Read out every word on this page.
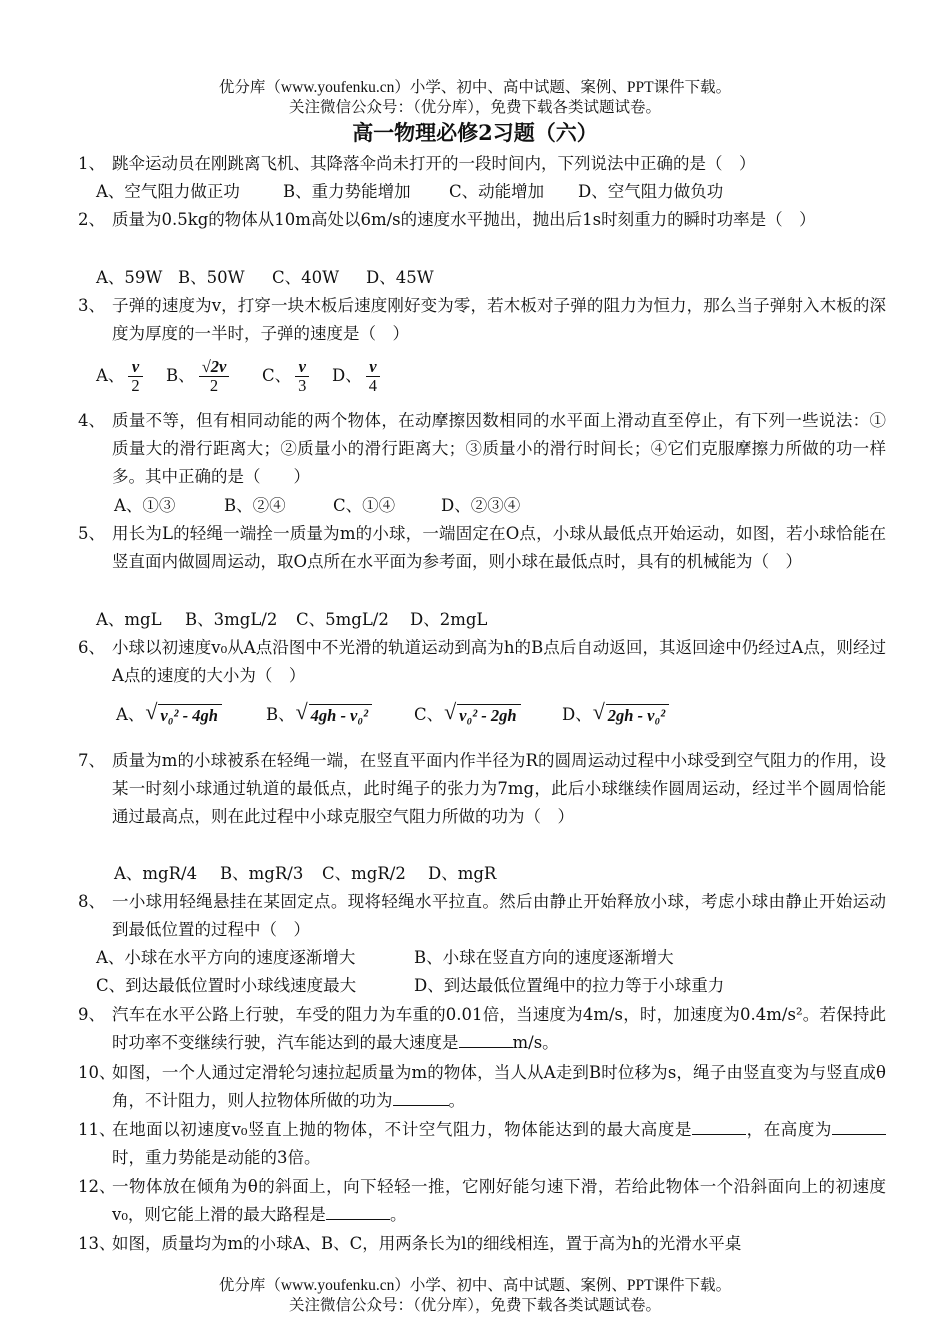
优分库（www.youfenku.cn）小学、初中、高中试题、案例、PPT课件下载。
关注微信公众号：（优分库），免费下载各类试题试卷。
高一物理必修2习题（六）
1、 跳伞运动员在刚跳离飞机、其降落伞尚未打开的一段时间内，下列说法中正确的是（　）
A、空气阻力做正功	B、重力势能增加 C、动能增加 D、空气阻力做负功
2、 质量为0.5kg的物体从10m高处以6m/s的速度水平抛出，抛出后1s时刻重力的瞬时功率是（　）
A、59W B、50W C、40W D、45W
3、 子弹的速度为v，打穿一块木板后速度刚好变为零，若木板对子弹的阻力为恒力，那么当子弹射入木板的深度为厚度的一半时，子弹的速度是（　）
A、 $\frac{v}{2}$ B、 $\frac{√2v}{2}$ C、 $\frac{v}{3}$ D、 $\frac{v}{4}$
4、 质量不等，但有相同动能的两个物体，在动摩擦因数相同的水平面上滑动直至停止，有下列一些说法：①质量大的滑行距离大；②质量小的滑行距离大；③质量小的滑行时间长；④它们克服摩擦力所做的功一样多。其中正确的是（　　）
A、①③	B、②④	C、①④	D、②③④
5、 用长为L的轻绳一端拴一质量为m的小球，一端固定在O点，小球从最低点开始运动，如图，若小球恰能在竖直面内做圆周运动，取O点所在水平面为参考面，则小球在最低点时，具有的机械能为（　）
A、mgL B、3mgL/2 C、5mgL/2 D、2mgL
6、 小球以初速度v₀从A点沿图中不光滑的轨道运动到高为h的B点后自动返回，其返回途中仍经过A点，则经过A点的速度的大小为（　）
A、 √ v₀² - 4gh	B、 √ 4gh - v₀²	C、 √ v₀² - 2gh	D、 √ 2gh - v₀²
7、 质量为m的小球被系在轻绳一端，在竖直平面内作半径为R的圆周运动过程中小球受到空气阻力的作用，设某一时刻小球通过轨道的最低点，此时绳子的张力为7mg，此后小球继续作圆周运动，经过半个圆周恰能通过最高点，则在此过程中小球克服空气阻力所做的功为（　）
A、mgR/4 B、mgR/3 C、mgR/2 D、mgR
8、 一小球用轻绳悬挂在某固定点。现将轻绳水平拉直。然后由静止开始释放小球，考虑小球由静止开始运动到最低位置的过程中（　）
A、小球在水平方向的速度逐渐增大	B、小球在竖直方向的速度逐渐增大
C、到达最低位置时小球线速度最大	D、到达最低位置绳中的拉力等于小球重力
9、 汽车在水平公路上行驶，车受的阻力为车重的0.01倍，当速度为4m/s，时，加速度为0.4m/s²。若保持此时功率不变继续行驶，汽车能达到的最大速度是	m/s。
10、
如图，一个人通过定滑轮匀速拉起质量为m的物体，当人从A走到B时位移为s，绳子由竖直变为与竖直成θ角，不计阻力，则人拉物体所做的功为	。
11、
在地面以初速度v₀竖直上抛的物体，不计空气阻力，物体能达到的最大高度是	，在高度为时，重力势能是动能的3倍。
12、
一物体放在倾角为θ的斜面上，向下轻轻一推，它刚好能匀速下滑，若给此物体一个沿斜面向上的初速度v₀，则它能上滑的最大路程是	。
13、
如图，质量均为m的小球A、B、C，用两条长为l的细线相连，置于高为h的光滑水平桌
优分库（www.youfenku.cn）小学、初中、高中试题、案例、PPT课件下载。
关注微信公众号：（优分库），免费下载各类试题试卷。
